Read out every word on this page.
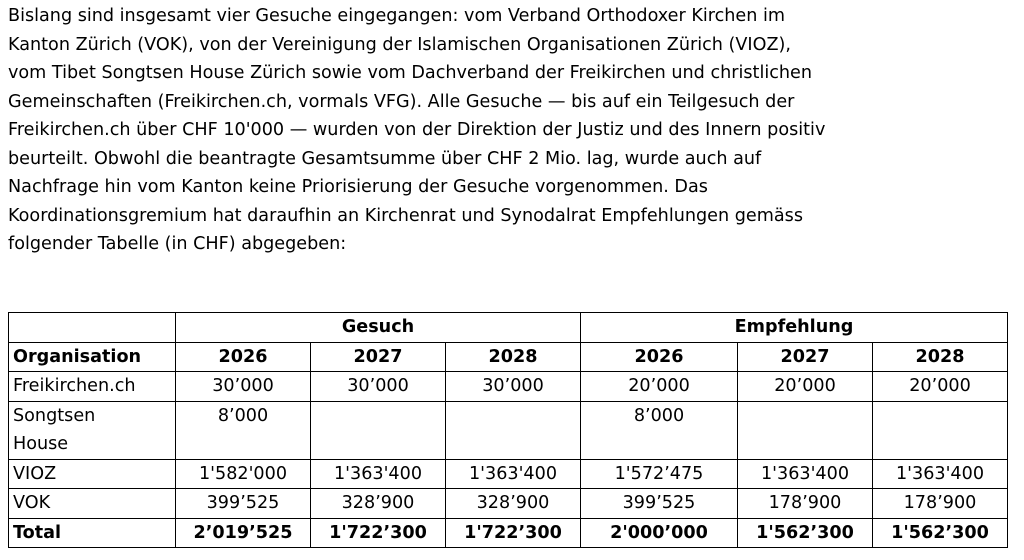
Bislang sind insgesamt vier Gesuche eingegangen: vom Verband Orthodoxer Kirchen im
Kanton Zürich (VOK), von der Vereinigung der Islamischen Organisationen Zürich (VIOZ),
vom Tibet Songtsen House Zürich sowie vom Dachverband der Freikirchen und christlichen
Gemeinschaften (Freikirchen.ch, vormals VFG). Alle Gesuche — bis auf ein Teilgesuch der
Freikirchen.ch über CHF 10'000 — wurden von der Direktion der Justiz und des Innern positiv
beurteilt. Obwohl die beantragte Gesamtsumme über CHF 2 Mio. lag, wurde auch auf
Nachfrage hin vom Kanton keine Priorisierung der Gesuche vorgenommen. Das
Koordinationsgremium hat daraufhin an Kirchenrat und Synodalrat Empfehlungen gemäss
folgender Tabelle (in CHF) abgegeben:
	Gesuch			Empfehlung		
Organisation	2026	2027	2028	2026	2027	2028
Freikirchen.ch	30’000	30’000	30’000	20’000	20’000	20’000

Songtsen House	8’000			8’000		
VIOZ	1'582'000	1'363'400	1'363'400	1'572’475	1'363'400	1'363'400
VOK	399’525	328’900	328’900	399’525	178’900	178’900
Total	2’019’525	1'722’300	1'722’300	2'000’000	1'562’300	1'562’300
